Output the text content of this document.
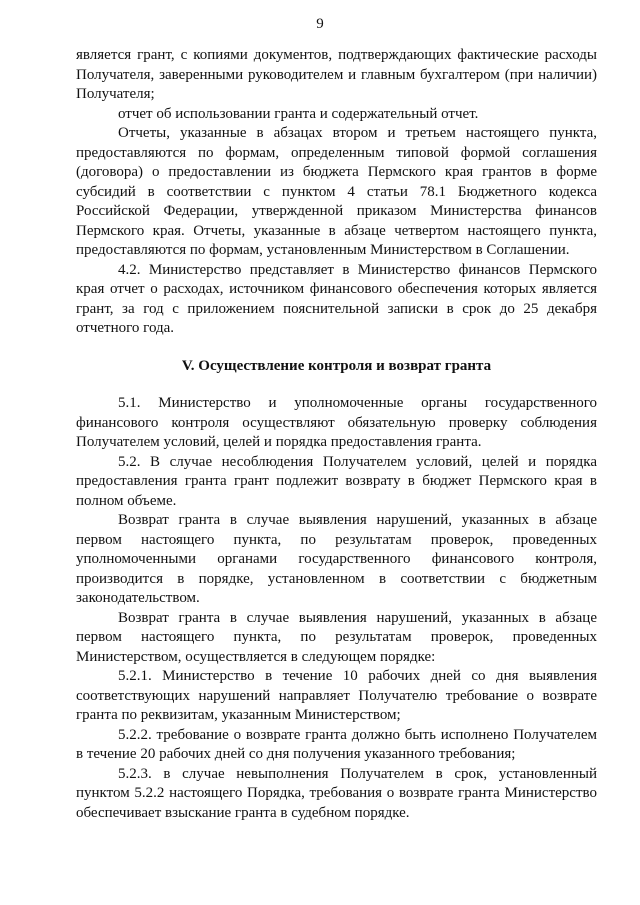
9

является грант, с копиями документов, подтверждающих фактические расходы Получателя, заверенными руководителем и главным бухгалтером (при наличии) Получателя;

отчет об использовании гранта и содержательный отчет.

Отчеты, указанные в абзацах втором и третьем настоящего пункта, предоставляются по формам, определенным типовой формой соглашения (договора) о предоставлении из бюджета Пермского края грантов в форме субсидий в соответствии с пунктом 4 статьи 78.1 Бюджетного кодекса Российской Федерации, утвержденной приказом Министерства финансов Пермского края. Отчеты, указанные в абзаце четвертом настоящего пункта, предоставляются по формам, установленным Министерством в Соглашении.

4.2. Министерство представляет в Министерство финансов Пермского края отчет о расходах, источником финансового обеспечения которых является грант, за год с приложением пояснительной записки в срок до 25 декабря отчетного года.

V. Осуществление контроля и возврат гранта

5.1. Министерство и уполномоченные органы государственного финансового контроля осуществляют обязательную проверку соблюдения Получателем условий, целей и порядка предоставления гранта.

5.2. В случае несоблюдения Получателем условий, целей и порядка предоставления гранта грант подлежит возврату в бюджет Пермского края в полном объеме.

Возврат гранта в случае выявления нарушений, указанных в абзаце первом настоящего пункта, по результатам проверок, проведенных уполномоченными органами государственного финансового контроля, производится в порядке, установленном в соответствии с бюджетным законодательством.

Возврат гранта в случае выявления нарушений, указанных в абзаце первом настоящего пункта, по результатам проверок, проведенных Министерством, осуществляется в следующем порядке:

5.2.1. Министерство в течение 10 рабочих дней со дня выявления соответствующих нарушений направляет Получателю требование о возврате гранта по реквизитам, указанным Министерством;

5.2.2. требование о возврате гранта должно быть исполнено Получателем в течение 20 рабочих дней со дня получения указанного требования;

5.2.3. в случае невыполнения Получателем в срок, установленный пунктом 5.2.2 настоящего Порядка, требования о возврате гранта Министерство обеспечивает взыскание гранта в судебном порядке.
